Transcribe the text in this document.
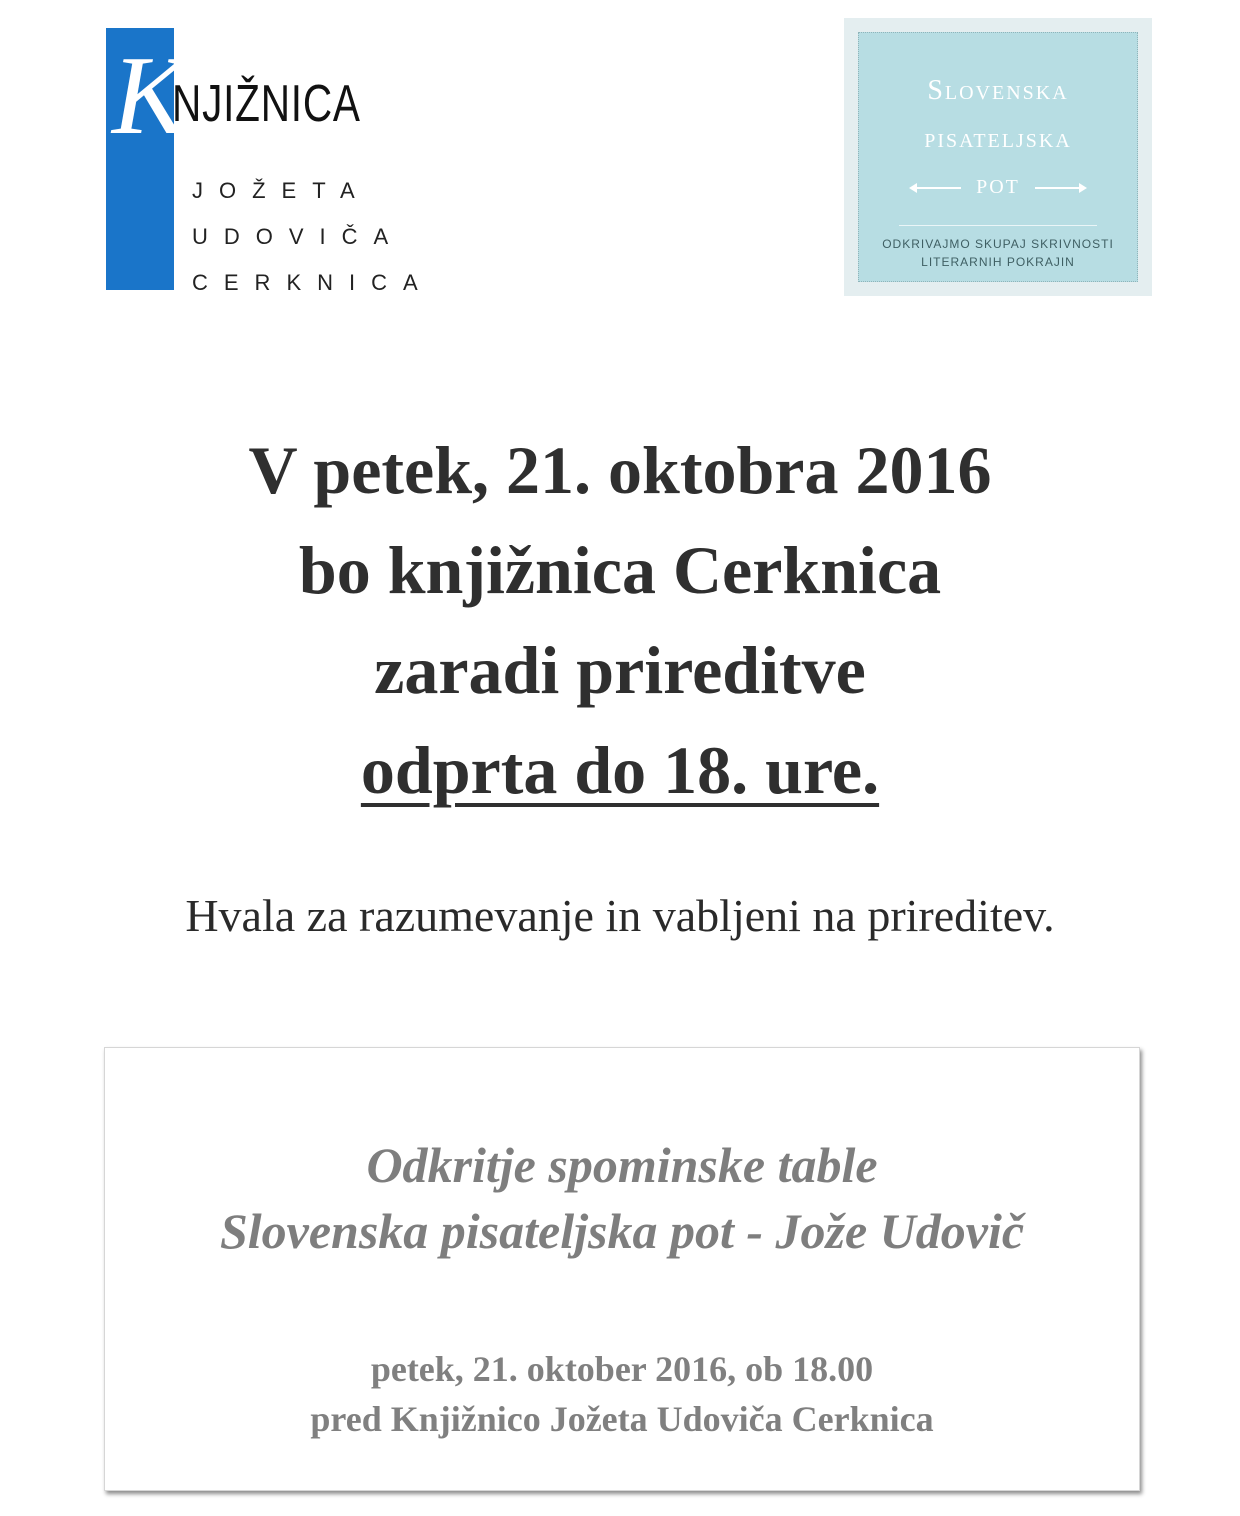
K
NJIŽNICA
JOŽETA
UDOVIČA
CERKNICA
Slovenska
pisateljska
pot
ODKRIVAJMO SKUPAJ SKRIVNOSTI
LITERARNIH POKRAJIN
V petek, 21. oktobra 2016
bo knjižnica Cerknica
zaradi prireditve
odprta do 18. ure.
Hvala za razumevanje in vabljeni na prireditev.
Odkritje spominske table
Slovenska pisateljska pot - Jože Udovič
petek, 21. oktober 2016, ob 18.00
pred Knjižnico Jožeta Udoviča Cerknica
